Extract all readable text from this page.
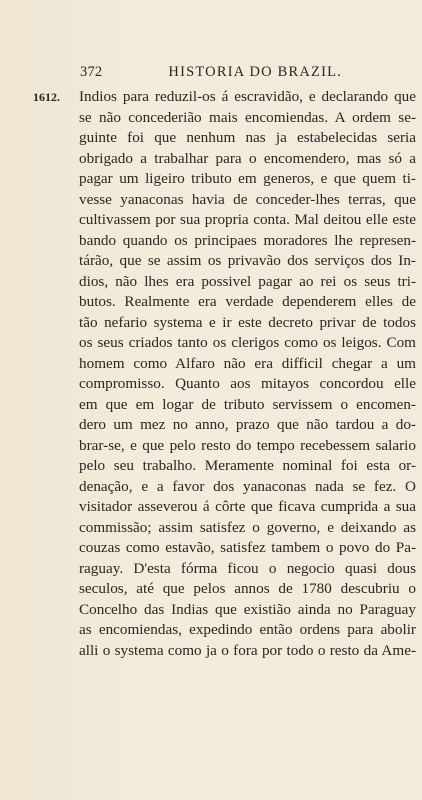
372	HISTORIA DO BRAZIL.
1612. Indios para reduzil-os á escravidão, e declarando que
se não concederião mais encomiendas. A ordem se-
guinte foi que nenhum nas ja estabelecidas seria
obrigado a trabalhar para o encomendero, mas só a
pagar um ligeiro tributo em generos, e que quem ti-
vesse yanaconas havia de conceder-lhes terras, que
cultivassem por sua propria conta. Mal deitou elle este
bando quando os principaes moradores lhe represen-
tárão, que se assim os privavão dos serviços dos In-
dios, não lhes era possivel pagar ao rei os seus tri-
butos. Realmente era verdade dependerem elles de
tão nefario systema e ir este decreto privar de todos
os seus criados tanto os clerigos como os leigos. Com
homem como Alfaro não era difficil chegar a um
compromisso. Quanto aos mitayos concordou elle
em que em logar de tributo servissem o encomen-
dero um mez no anno, prazo que não tardou a do-
brar-se, e que pelo resto do tempo recebessem salario
pelo seu trabalho. Meramente nominal foi esta or-
denação, e a favor dos yanaconas nada se fez. O
visitador asseverou á côrte que ficava cumprida a sua
commissão; assim satisfez o governo, e deixando as
couzas como estavão, satisfez tambem o povo do Pa-
raguay. D'esta fórma ficou o negocio quasi dous
seculos, até que pelos annos de 1780 descubriu o
Concelho das Indias que existião ainda no Paraguay
as encomiendas, expedindo então ordens para abolir
alli o systema como ja o fora por todo o resto da Ame-
